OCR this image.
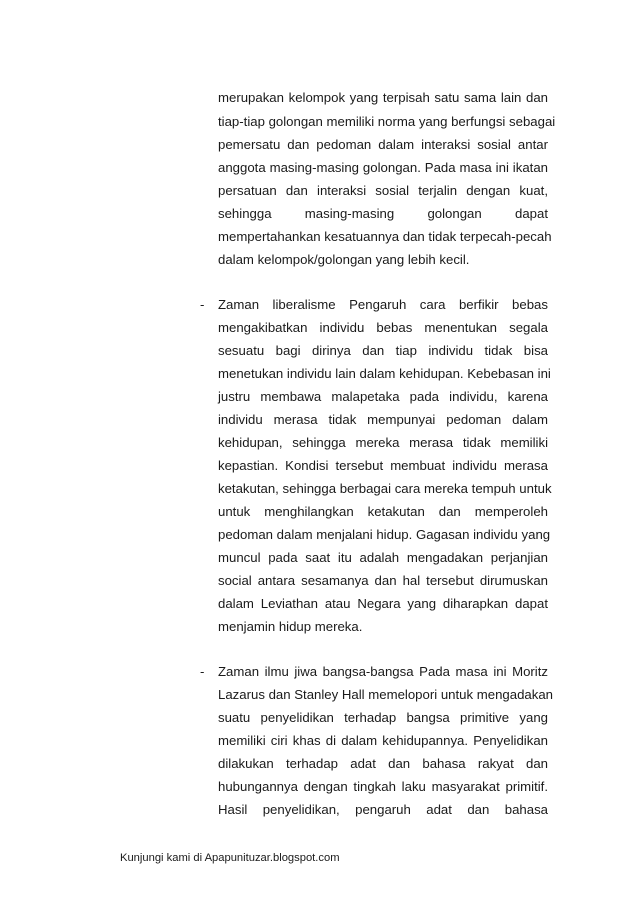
merupakan kelompok yang terpisah satu sama lain dan
tiap-tiap golongan memiliki norma yang berfungsi sebagai
pemersatu dan pedoman dalam interaksi sosial antar
anggota masing-masing golongan. Pada masa ini ikatan
persatuan dan interaksi sosial terjalin dengan kuat,
sehingga masing-masing golongan dapat
mempertahankan kesatuannya dan tidak terpecah-pecah
dalam kelompok/golongan yang lebih kecil.
- Zaman liberalisme Pengaruh cara berfikir bebas
mengakibatkan individu bebas menentukan segala
sesuatu bagi dirinya dan tiap individu tidak bisa
menetukan individu lain dalam kehidupan. Kebebasan ini
justru membawa malapetaka pada individu, karena
individu merasa tidak mempunyai pedoman dalam
kehidupan, sehingga mereka merasa tidak memiliki
kepastian. Kondisi tersebut membuat individu merasa
ketakutan, sehingga berbagai cara mereka tempuh untuk
untuk menghilangkan ketakutan dan memperoleh
pedoman dalam menjalani hidup. Gagasan individu yang
muncul pada saat itu adalah mengadakan perjanjian
social antara sesamanya dan hal tersebut dirumuskan
dalam Leviathan atau Negara yang diharapkan dapat
menjamin hidup mereka.
- Zaman ilmu jiwa bangsa-bangsa Pada masa ini Moritz
Lazarus dan Stanley Hall memelopori untuk mengadakan
suatu penyelidikan terhadap bangsa primitive yang
memiliki ciri khas di dalam kehidupannya. Penyelidikan
dilakukan terhadap adat dan bahasa rakyat dan
hubungannya dengan tingkah laku masyarakat primitif.
Hasil penyelidikan, pengaruh adat dan bahasa
Kunjungi kami di Apapunituzar.blogspot.com
